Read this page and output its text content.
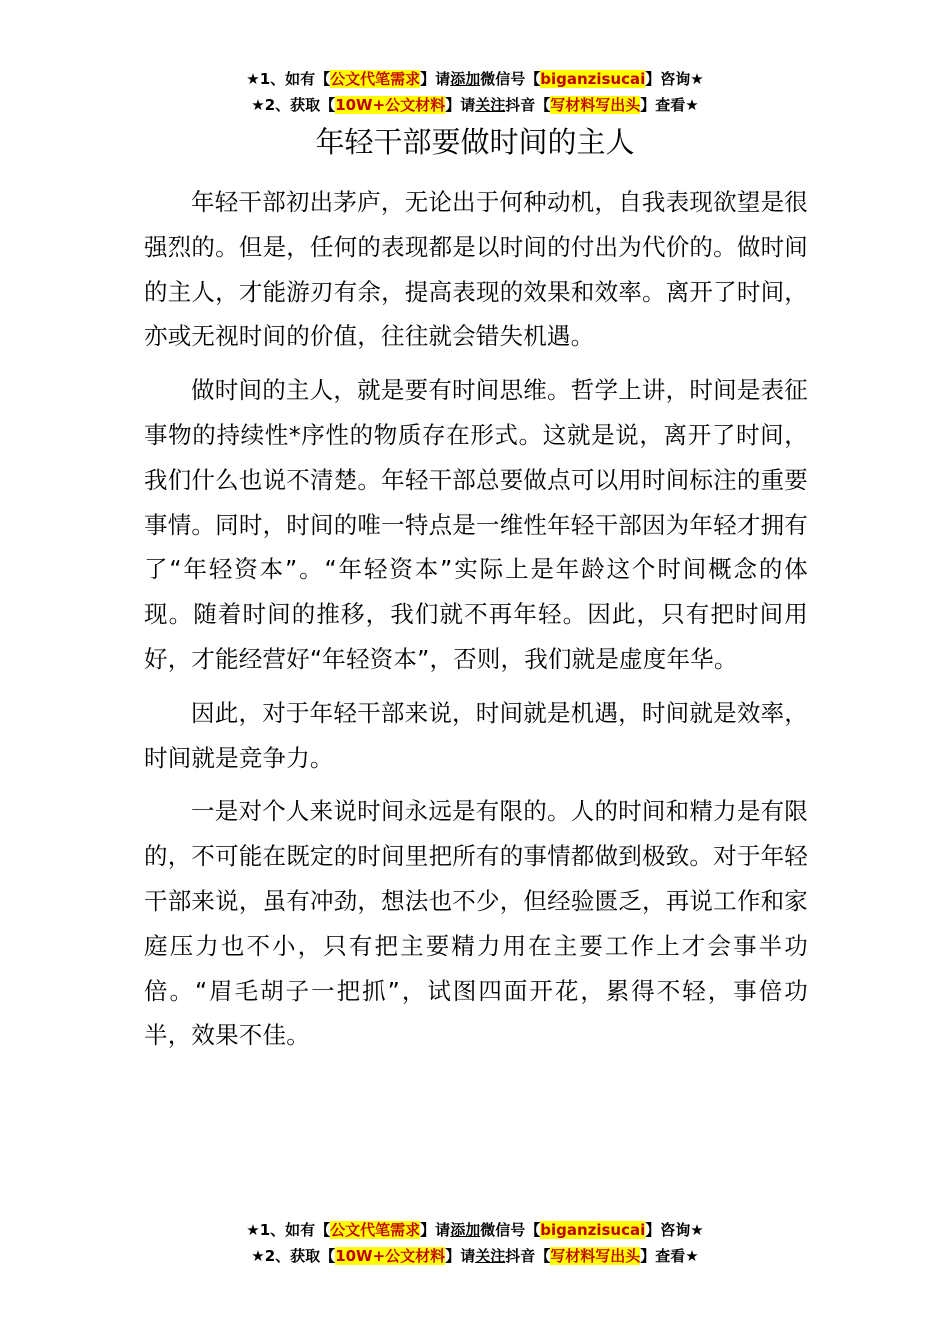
★1、如有【公文代笔需求】请添加微信号【biganzisucai】咨询★
★2、获取【10W+公文材料】请关注抖音【写材料写出头】查看★
年轻干部要做时间的主人

年轻干部初出茅庐，无论出于何种动机，自我表现欲望是很强烈的。但是，任何的表现都是以时间的付出为代价的。做时间的主人，才能游刃有余，提高表现的效果和效率。离开了时间，亦或无视时间的价值，往往就会错失机遇。

做时间的主人，就是要有时间思维。哲学上讲，时间是表征事物的持续性*序性的物质存在形式。这就是说，离开了时间，我们什么也说不清楚。年轻干部总要做点可以用时间标注的重要事情。同时，时间的唯一特点是一维性年轻干部因为年轻才拥有了“年轻资本”。“年轻资本”实际上是年龄这个时间概念的体现。随着时间的推移，我们就不再年轻。因此，只有把时间用好，才能经营好“年轻资本”，否则，我们就是虚度年华。

因此，对于年轻干部来说，时间就是机遇，时间就是效率，时间就是竞争力。

一是对个人来说时间永远是有限的。人的时间和精力是有限的，不可能在既定的时间里把所有的事情都做到极致。对于年轻干部来说，虽有冲劲，想法也不少，但经验匮乏，再说工作和家庭压力也不小，只有把主要精力用在主要工作上才会事半功倍。“眉毛胡子一把抓”，试图四面开花，累得不轻，事倍功半，效果不佳。

★1、如有【公文代笔需求】请添加微信号【biganzisucai】咨询★
★2、获取【10W+公文材料】请关注抖音【写材料写出头】查看★
